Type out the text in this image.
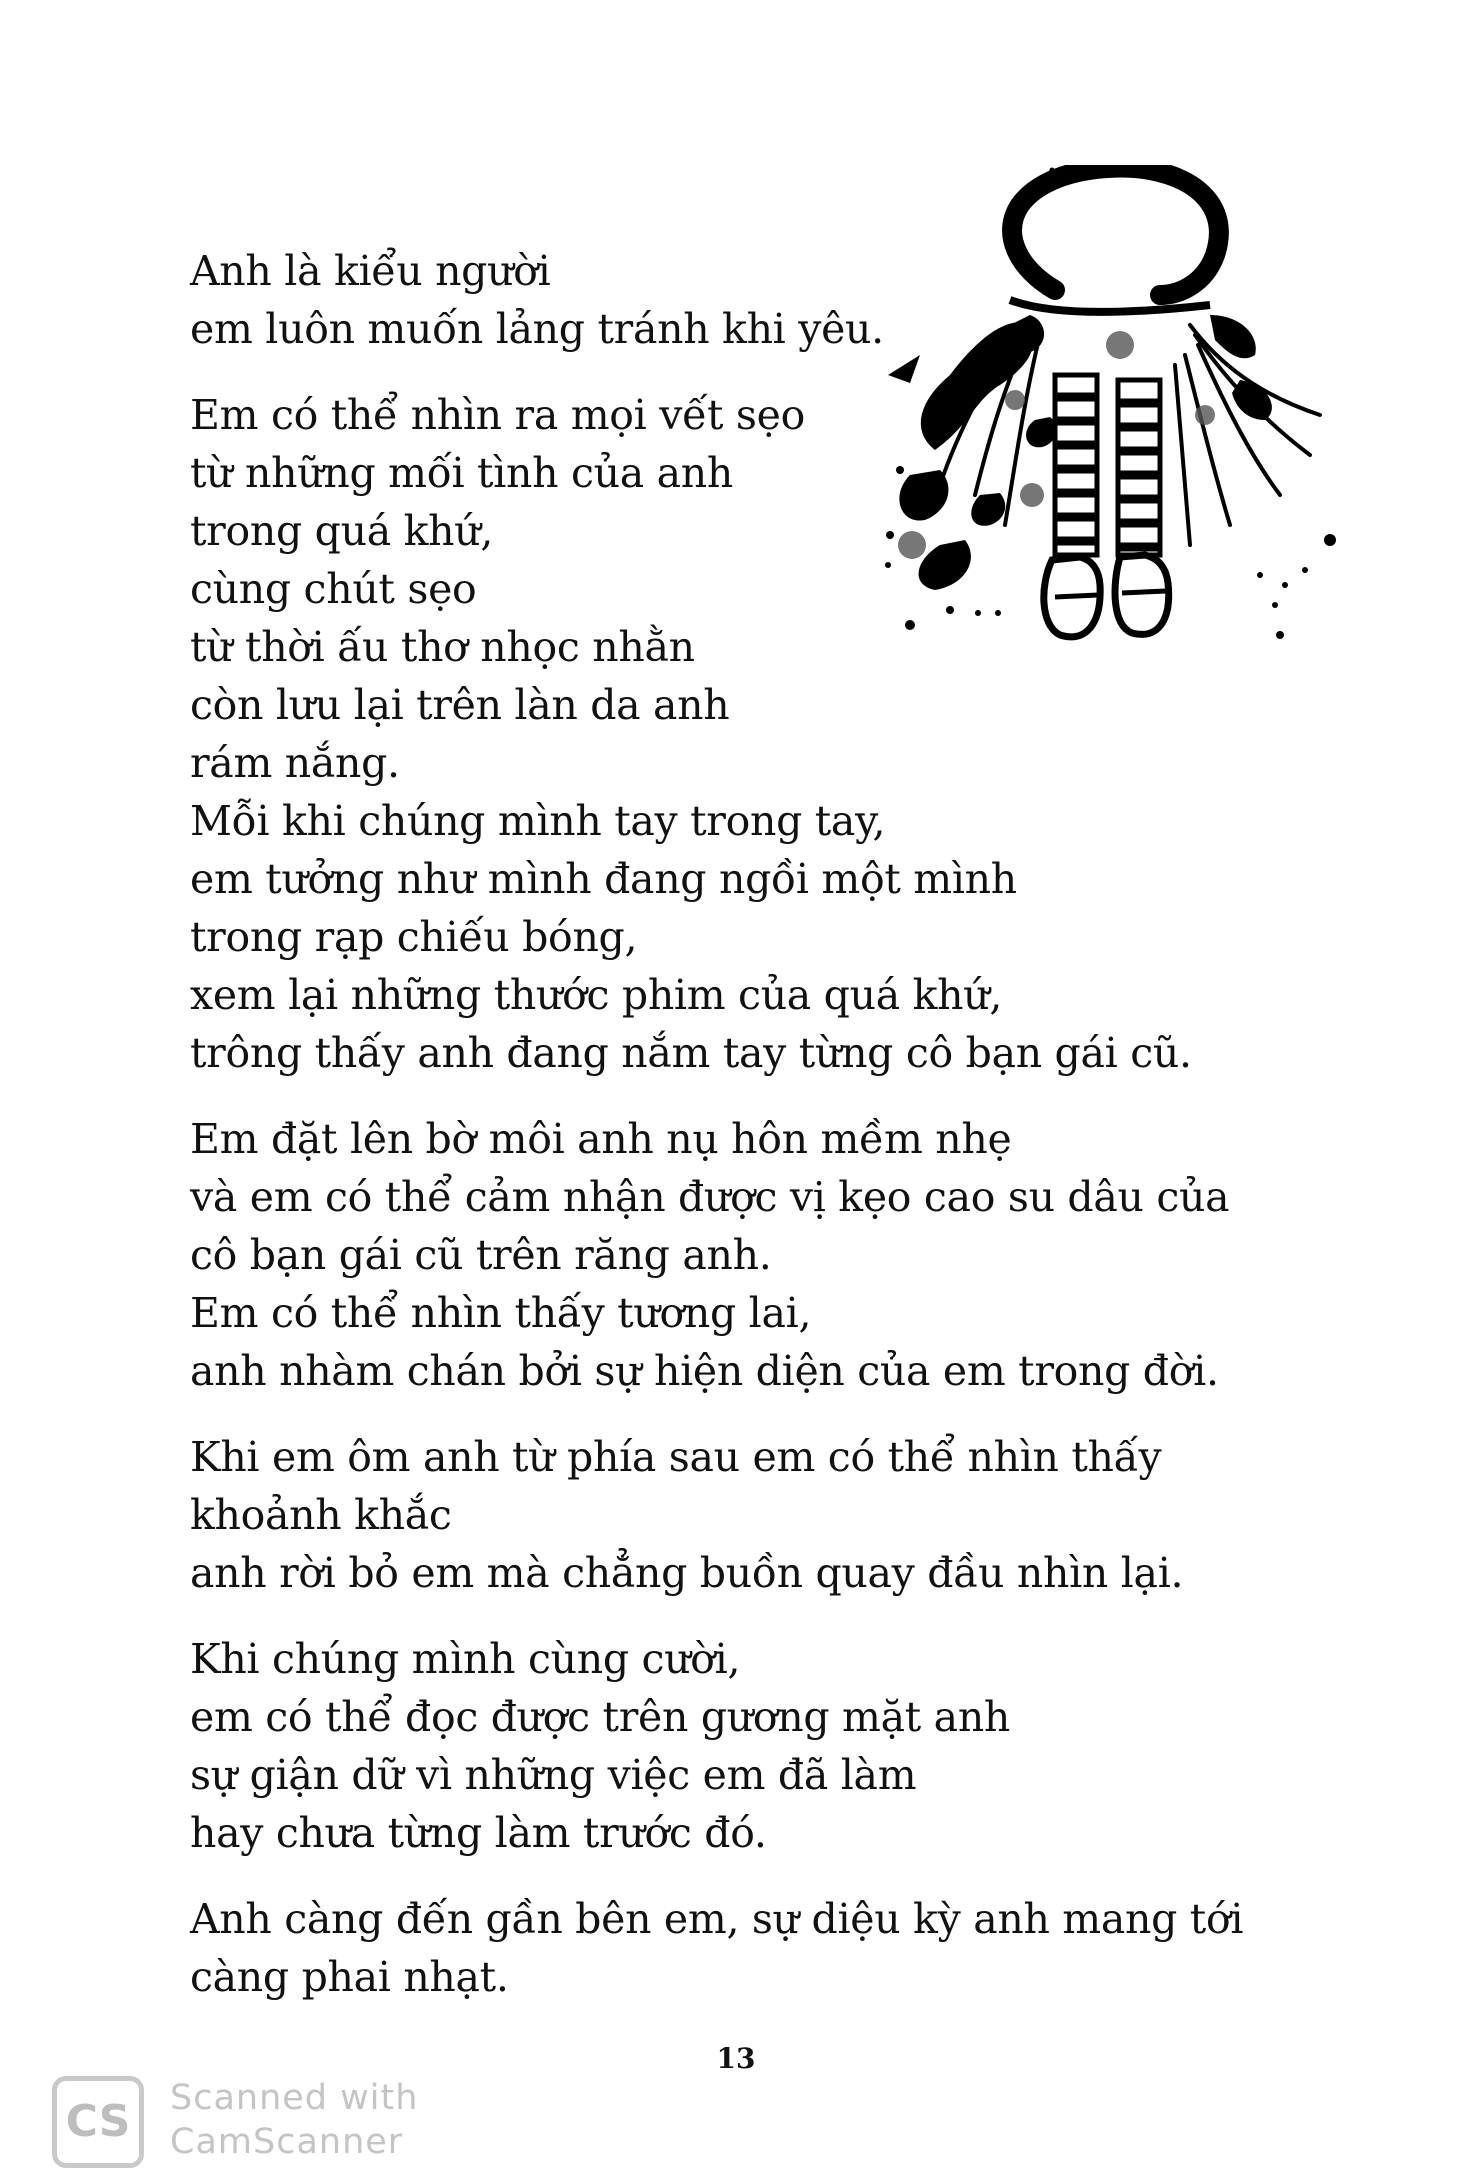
Anh là kiểu người
em luôn muốn lảng tránh khi yêu.
Em có thể nhìn ra mọi vết sẹo
từ những mối tình của anh
trong quá khứ,
cùng chút sẹo
từ thời ấu thơ nhọc nhằn
còn lưu lại trên làn da anh
rám nắng.
Mỗi khi chúng mình tay trong tay,
em tưởng như mình đang ngồi một mình
trong rạp chiếu bóng,
xem lại những thước phim của quá khứ,
trông thấy anh đang nắm tay từng cô bạn gái cũ.
Em đặt lên bờ môi anh nụ hôn mềm nhẹ
và em có thể cảm nhận được vị kẹo cao su dâu của
cô bạn gái cũ trên răng anh.
Em có thể nhìn thấy tương lai,
anh nhàm chán bởi sự hiện diện của em trong đời.
Khi em ôm anh từ phía sau em có thể nhìn thấy
khoảnh khắc
anh rời bỏ em mà chẳng buồn quay đầu nhìn lại.
Khi chúng mình cùng cười,
em có thể đọc được trên gương mặt anh
sự giận dữ vì những việc em đã làm
hay chưa từng làm trước đó.
Anh càng đến gần bên em, sự diệu kỳ anh mang tới
càng phai nhạt.
13
CS	Scanned with
CamScanner
